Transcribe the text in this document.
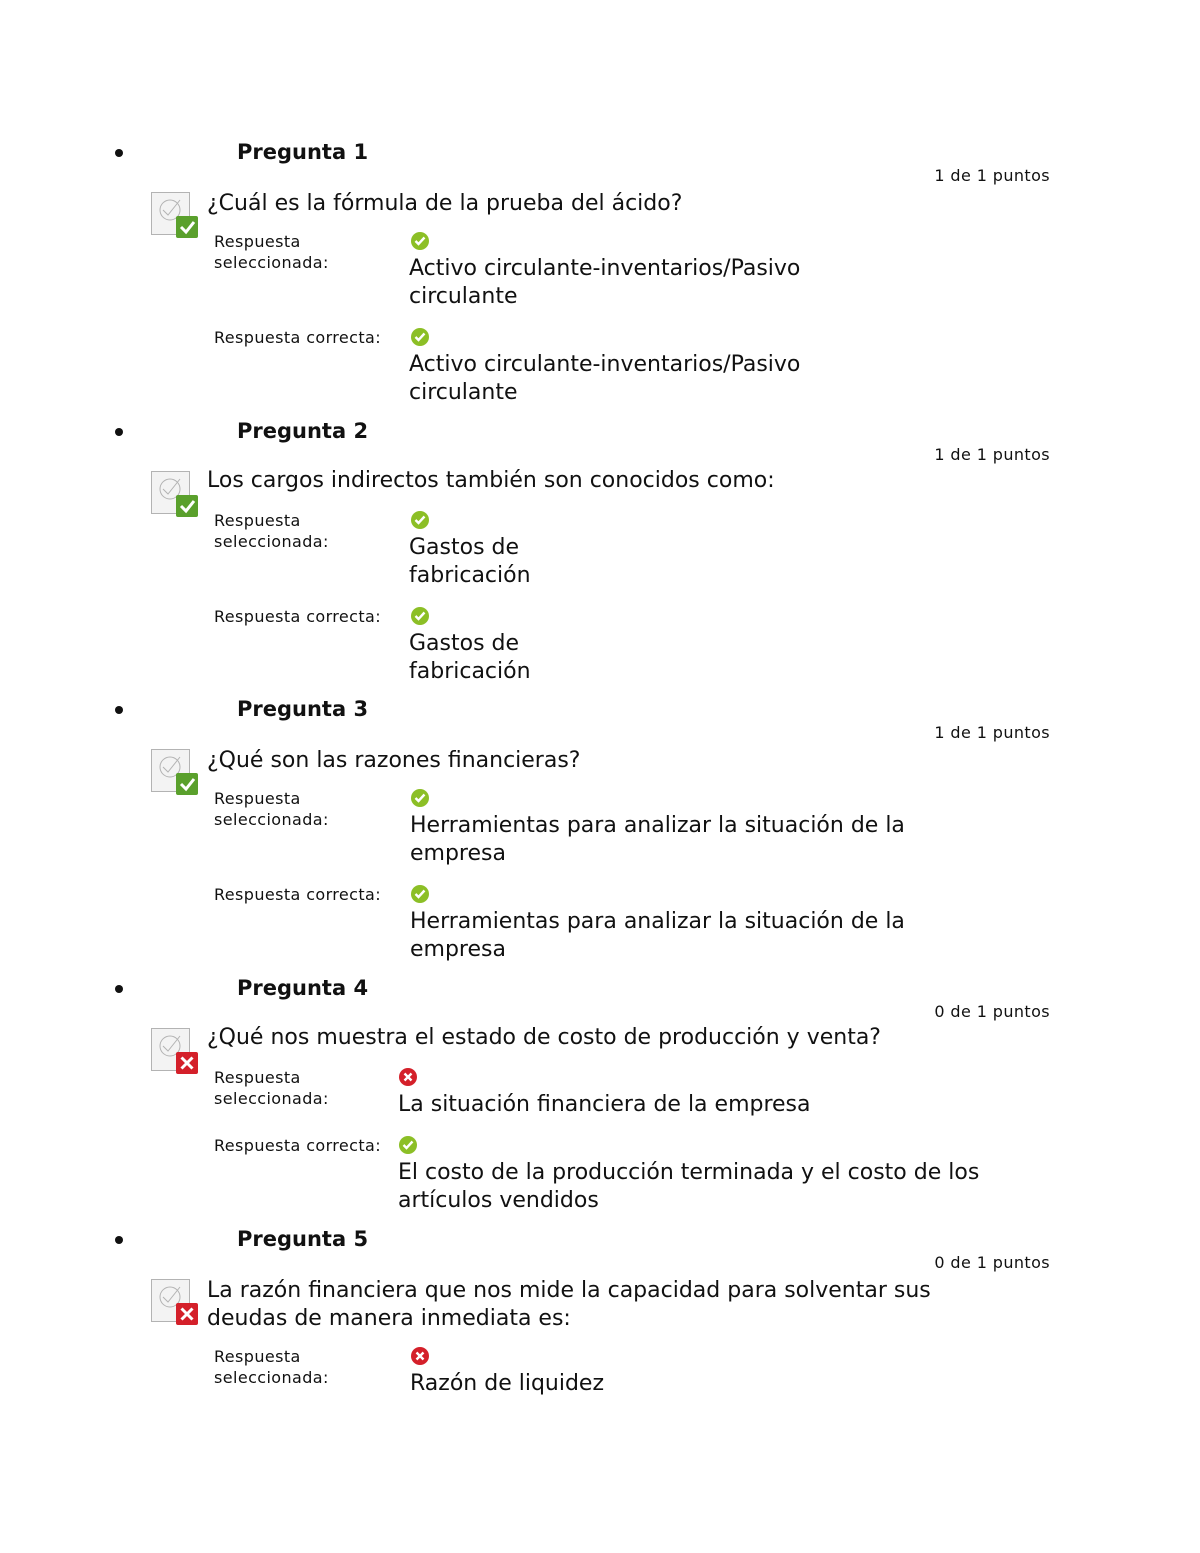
Pregunta 1
1 de 1 puntos
¿Cuál es la fórmula de la prueba del ácido?
Respuesta seleccionada:	Activo circulante-inventarios/Pasivo circulante
Respuesta correcta:
Activo circulante-inventarios/Pasivo circulante
Pregunta 2
1 de 1 puntos
Los cargos indirectos también son conocidos como:
Respuesta seleccionada:	Gastos de fabricación
Respuesta correcta:
Gastos de fabricación
Pregunta 3
1 de 1 puntos
¿Qué son las razones financieras?
Respuesta seleccionada:	Herramientas para analizar la situación de la empresa
Respuesta correcta:
Herramientas para analizar la situación de la empresa
Pregunta 4
0 de 1 puntos
¿Qué nos muestra el estado de costo de producción y venta?
Respuesta seleccionada:	La situación financiera de la empresa
Respuesta correcta:
El costo de la producción terminada y el costo de los artículos vendidos
Pregunta 5
0 de 1 puntos
La razón financiera que nos mide la capacidad para solventar sus deudas de manera inmediata es:
Respuesta seleccionada:	Razón de liquidez
